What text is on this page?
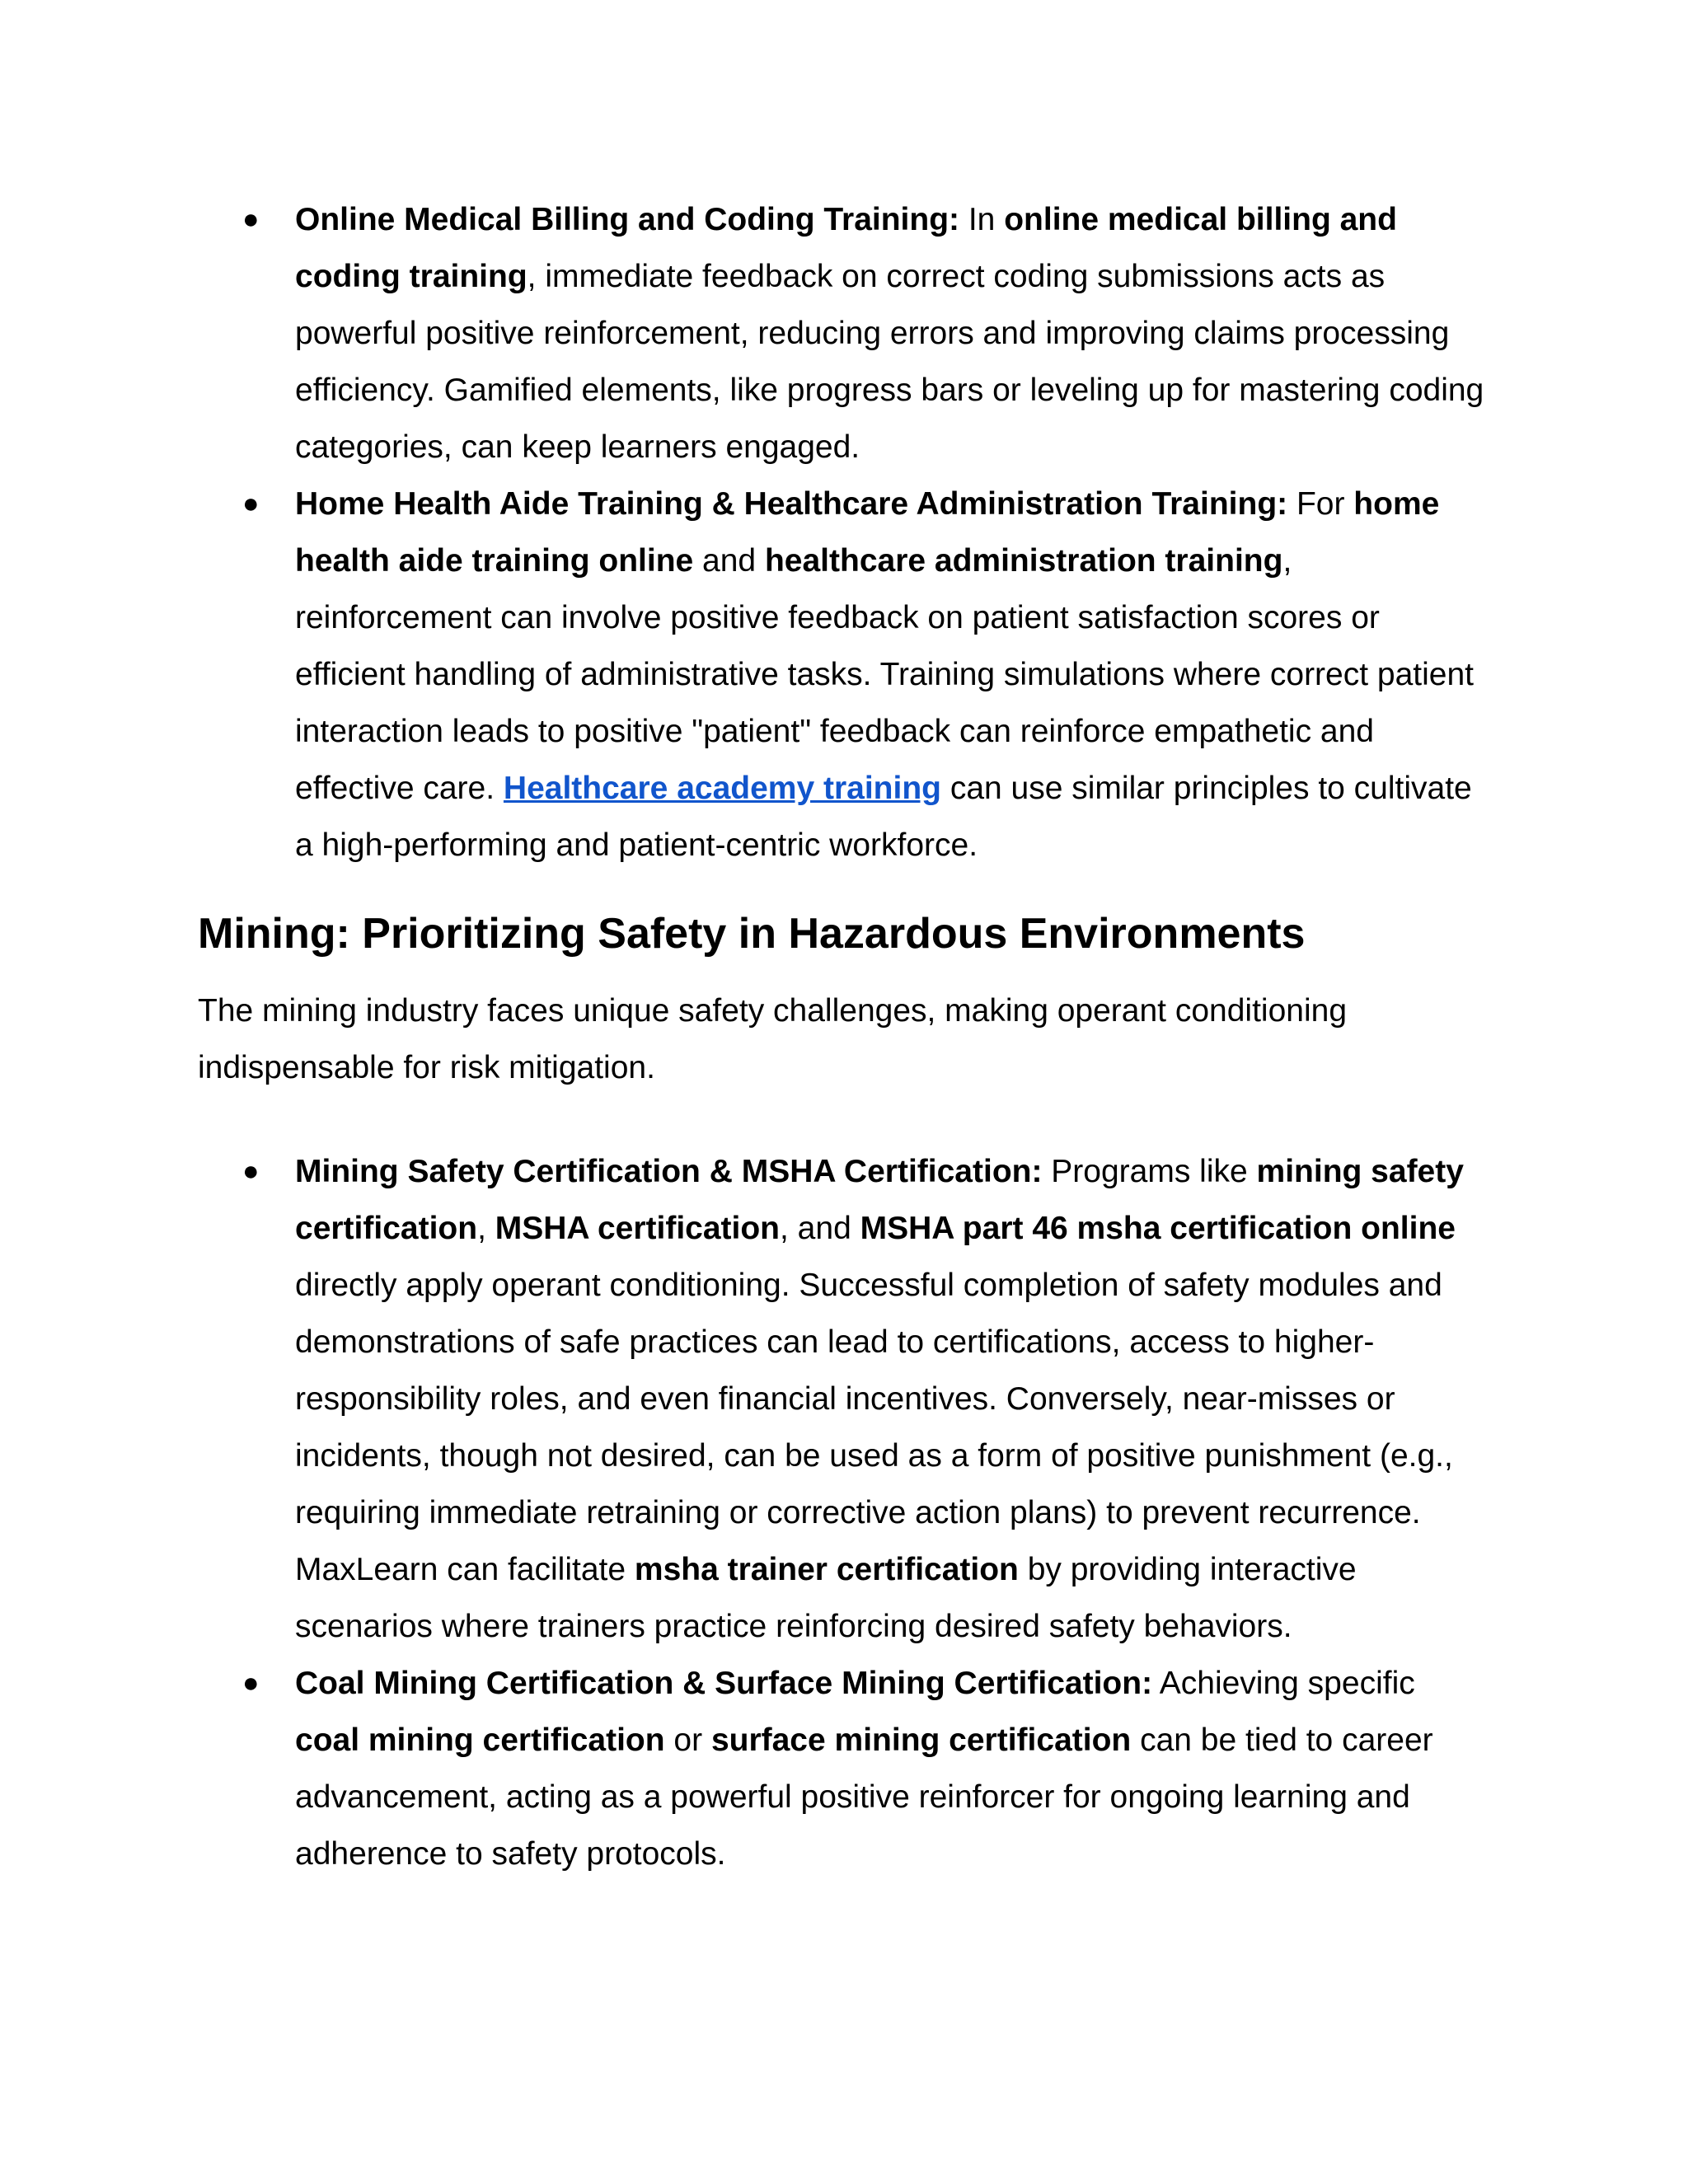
● Online Medical Billing and Coding Training: In online medical billing and coding training, immediate feedback on correct coding submissions acts as powerful positive reinforcement, reducing errors and improving claims processing efficiency. Gamified elements, like progress bars or leveling up for mastering coding categories, can keep learners engaged.
● Home Health Aide Training & Healthcare Administration Training: For home health aide training online and healthcare administration training, reinforcement can involve positive feedback on patient satisfaction scores or efficient handling of administrative tasks. Training simulations where correct patient interaction leads to positive "patient" feedback can reinforce empathetic and effective care. Healthcare academy training can use similar principles to cultivate a high-performing and patient-centric workforce.
Mining: Prioritizing Safety in Hazardous Environments

The mining industry faces unique safety challenges, making operant conditioning indispensable for risk mitigation.

● Mining Safety Certification & MSHA Certification: Programs like mining safety certification, MSHA certification, and MSHA part 46 msha certification online directly apply operant conditioning. Successful completion of safety modules and demonstrations of safe practices can lead to certifications, access to higher-responsibility roles, and even financial incentives. Conversely, near-misses or incidents, though not desired, can be used as a form of positive punishment (e.g., requiring immediate retraining or corrective action plans) to prevent recurrence. MaxLearn can facilitate msha trainer certification by providing interactive scenarios where trainers practice reinforcing desired safety behaviors.
● Coal Mining Certification & Surface Mining Certification: Achieving specific coal mining certification or surface mining certification can be tied to career advancement, acting as a powerful positive reinforcer for ongoing learning and adherence to safety protocols.
